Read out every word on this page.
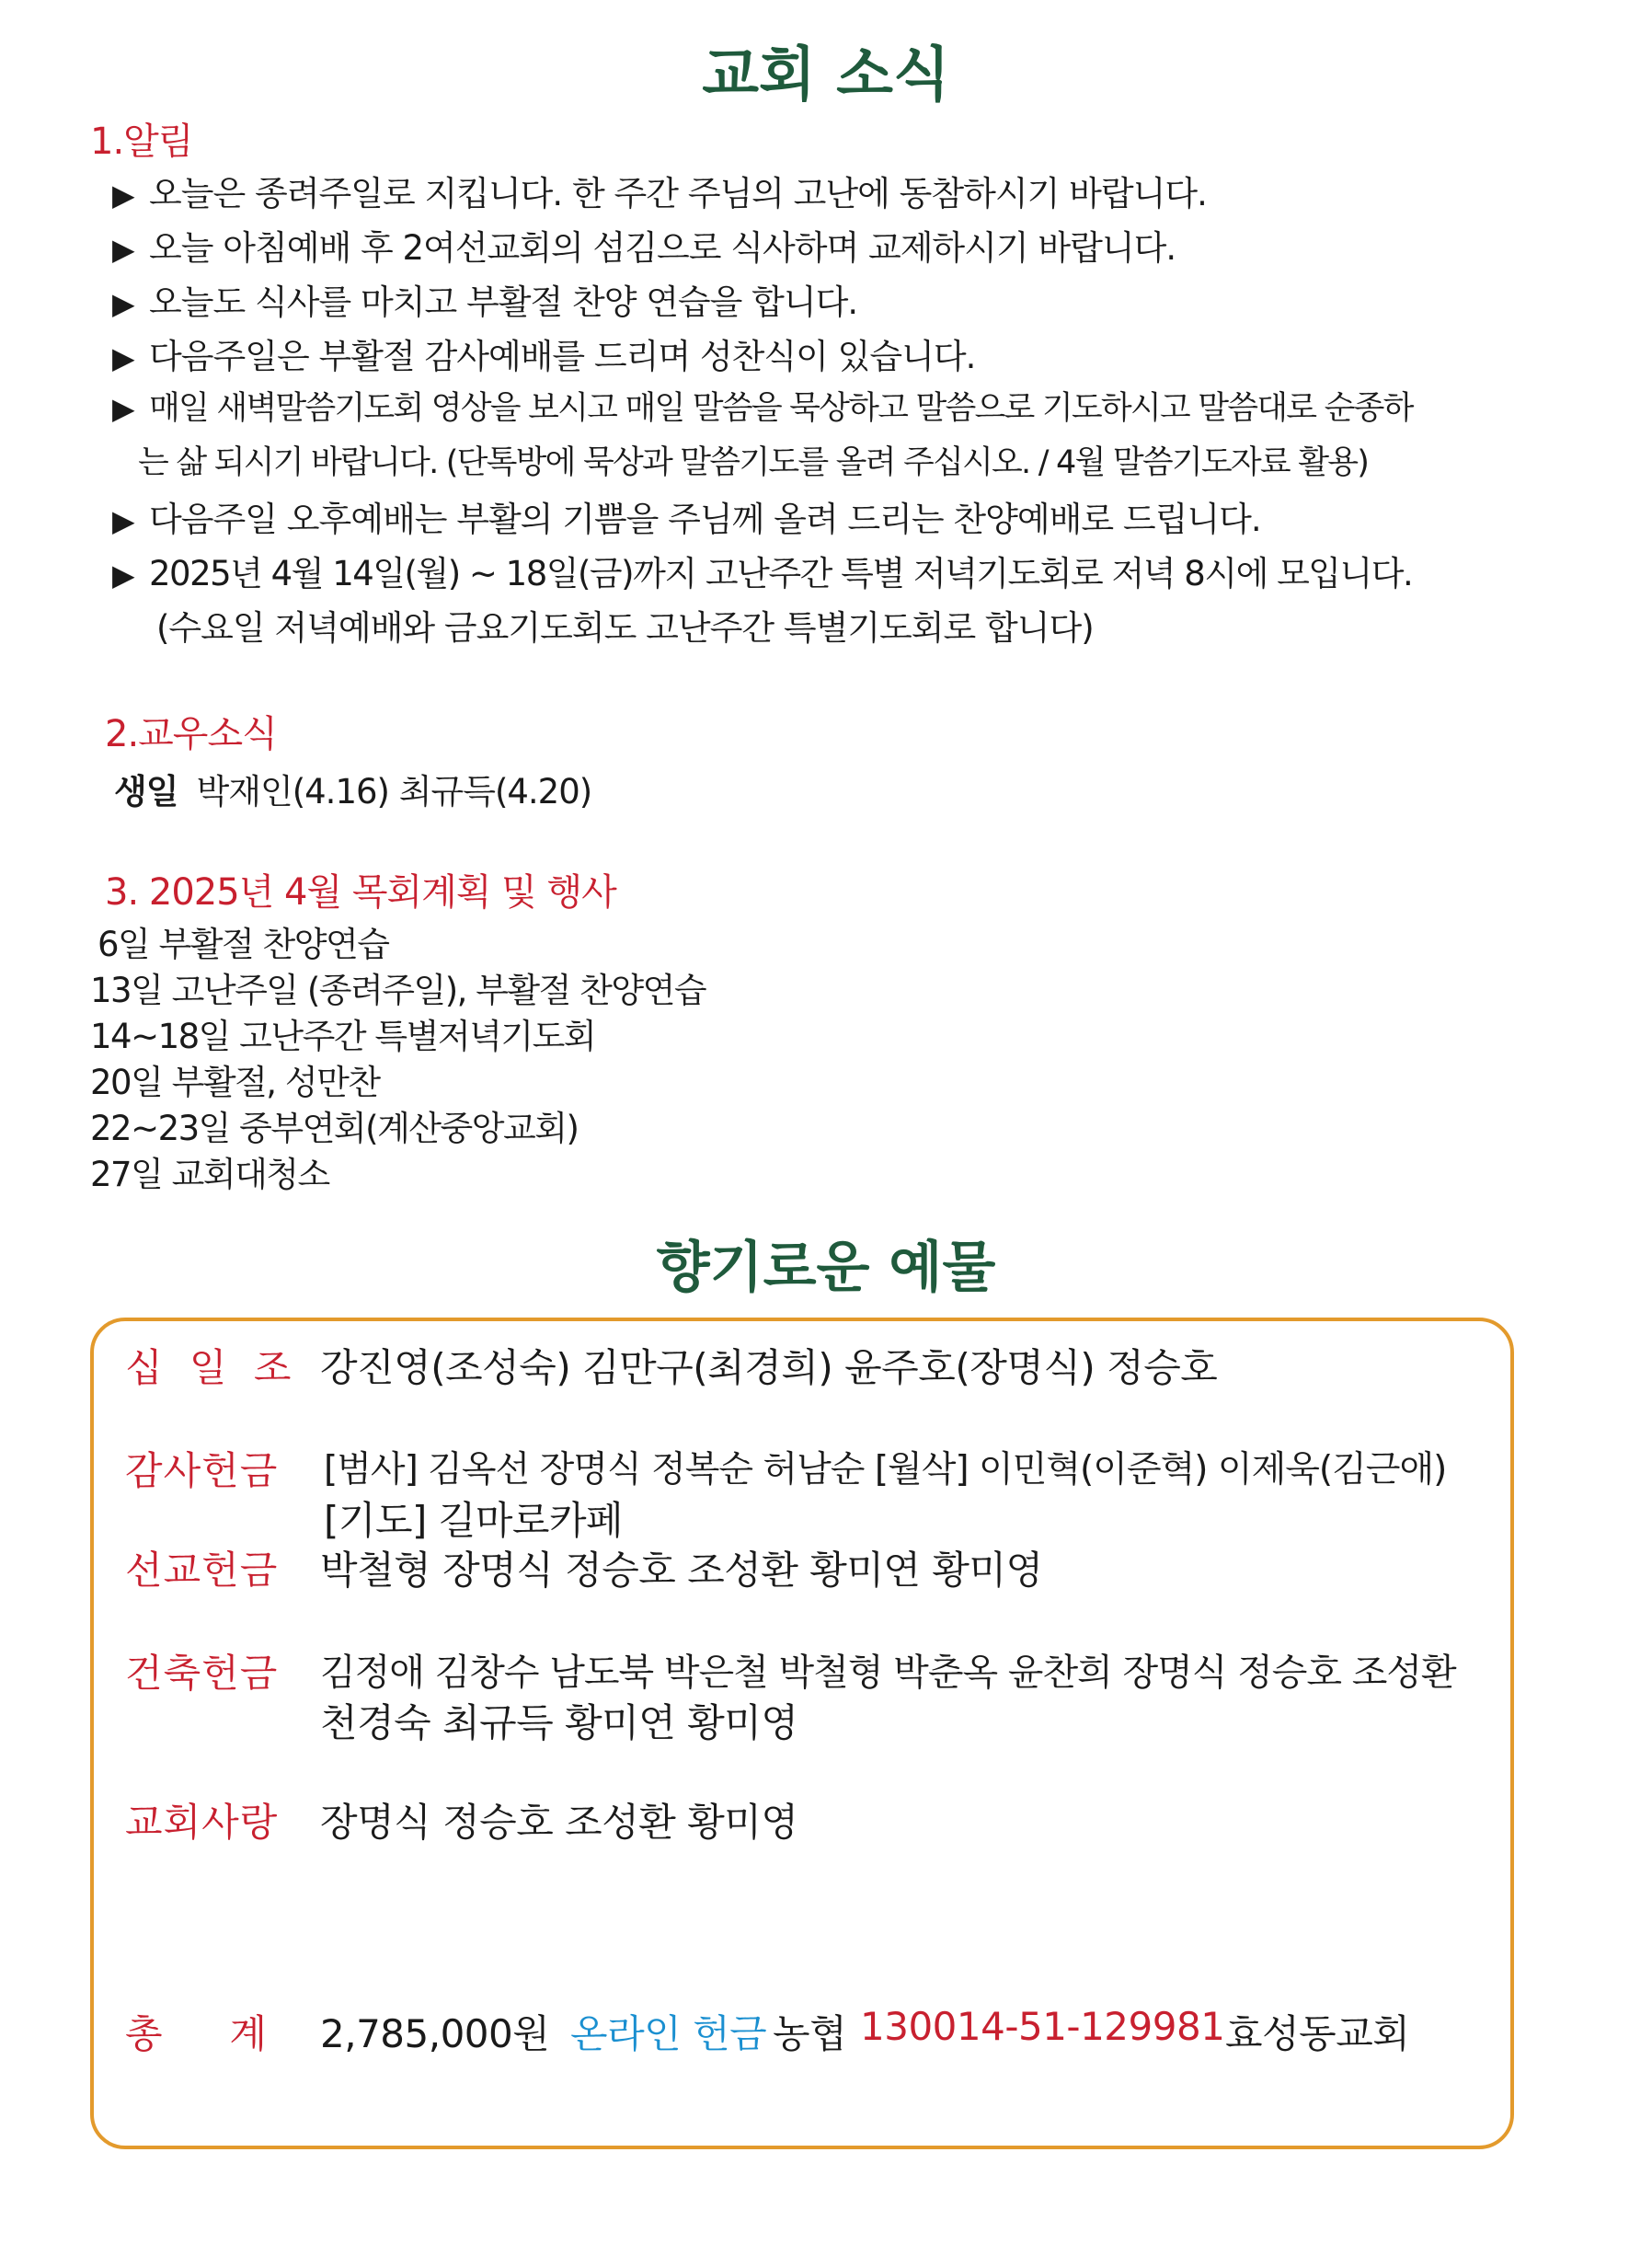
교회 소식
1.알림
▶ 오늘은 종려주일로 지킵니다. 한 주간 주님의 고난에 동참하시기 바랍니다.
▶ 오늘 아침예배 후 2여선교회의 섬김으로 식사하며 교제하시기 바랍니다.
▶ 오늘도 식사를 마치고 부활절 찬양 연습을 합니다.
▶ 다음주일은 부활절 감사예배를 드리며 성찬식이 있습니다.
▶ 매일 새벽말씀기도회 영상을 보시고 매일 말씀을 묵상하고 말씀으로 기도하시고 말씀대로 순종하
는 삶 되시기 바랍니다. (단톡방에 묵상과 말씀기도를 올려 주십시오. / 4월 말씀기도자료 활용)
▶ 다음주일 오후예배는 부활의 기쁨을 주님께 올려 드리는 찬양예배로 드립니다.
▶ 2025년 4월 14일(월) ~ 18일(금)까지 고난주간 특별 저녁기도회로 저녁 8시에 모입니다.
(수요일 저녁예배와 금요기도회도 고난주간 특별기도회로 합니다)
2.교우소식
생일 박재인(4.16) 최규득(4.20)
3. 2025년 4월 목회계획 및 행사
6일 부활절 찬양연습
13일 고난주일 (종려주일), 부활절 찬양연습
14~18일 고난주간 특별저녁기도회
20일 부활절, 성만찬
22~23일 중부연회(계산중앙교회)
27일 교회대청소
향기로운 예물
십 일 조 강진영(조성숙) 김만구(최경희) 윤주호(장명식) 정승호
감사헌금 [범사] 김옥선 장명식 정복순 허남순 [월삭] 이민혁(이준혁) 이제욱(김근애)
[기도] 길마로카페
선교헌금 박철형 장명식 정승호 조성환 황미연 황미영
건축헌금 김정애 김창수 남도북 박은철 박철형 박춘옥 윤찬희 장명식 정승호 조성환
천경숙 최규득 황미연 황미영
교회사랑 장명식 정승호 조성환 황미영
총     계 2,785,000원 온라인 헌금 농협 130014-51-129981 효성동교회
